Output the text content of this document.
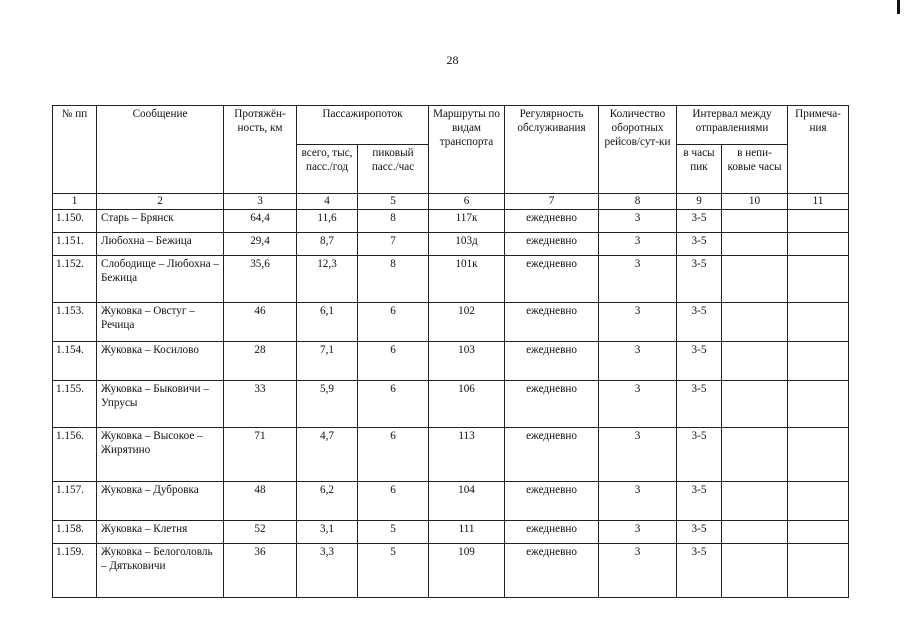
28
№ пп	Сообщение	Протяжён-ность, км	Пассажиропоток		Маршруты по видам транспорта	Регулярность обслуживания	Количество оборотных рейсов/сут-ки	Интервал между отправлениями		Примеча-ния
			всего, тыс, пасс./год	пиковый пасс./час				в часы пик	в непи-ковые часы	
1	2	3	4	5	6	7	8	9	10	11
1.150.	Старь – Брянск	64,4	11,6	8	117к	ежедневно	3	3-5		
1.151.	Любохна – Бежица	29,4	8,7	7	103д	ежедневно	3	3-5		
1.152.	Слободище – Любохна – Бежица	35,6	12,3	8	101к	ежедневно	3	3-5		
1.153.	Жуковка – Овстуг – Речица	46	6,1	6	102	ежедневно	3	3-5		
1.154.	Жуковка – Косилово	28	7,1	6	103	ежедневно	3	3-5		
1.155.	Жуковка – Быковичи – Упрусы	33	5,9	6	106	ежедневно	3	3-5		
1.156.	Жуковка – Высокое – Жирятино	71	4,7	6	113	ежедневно	3	3-5		
1.157.	Жуковка – Дубровка	48	6,2	6	104	ежедневно	3	3-5		
1.158.	Жуковка – Клетня	52	3,1	5	111	ежедневно	3	3-5		
1.159.	Жуковка – Белоголовль – Дятьковичи	36	3,3	5	109	ежедневно	3	3-5		
